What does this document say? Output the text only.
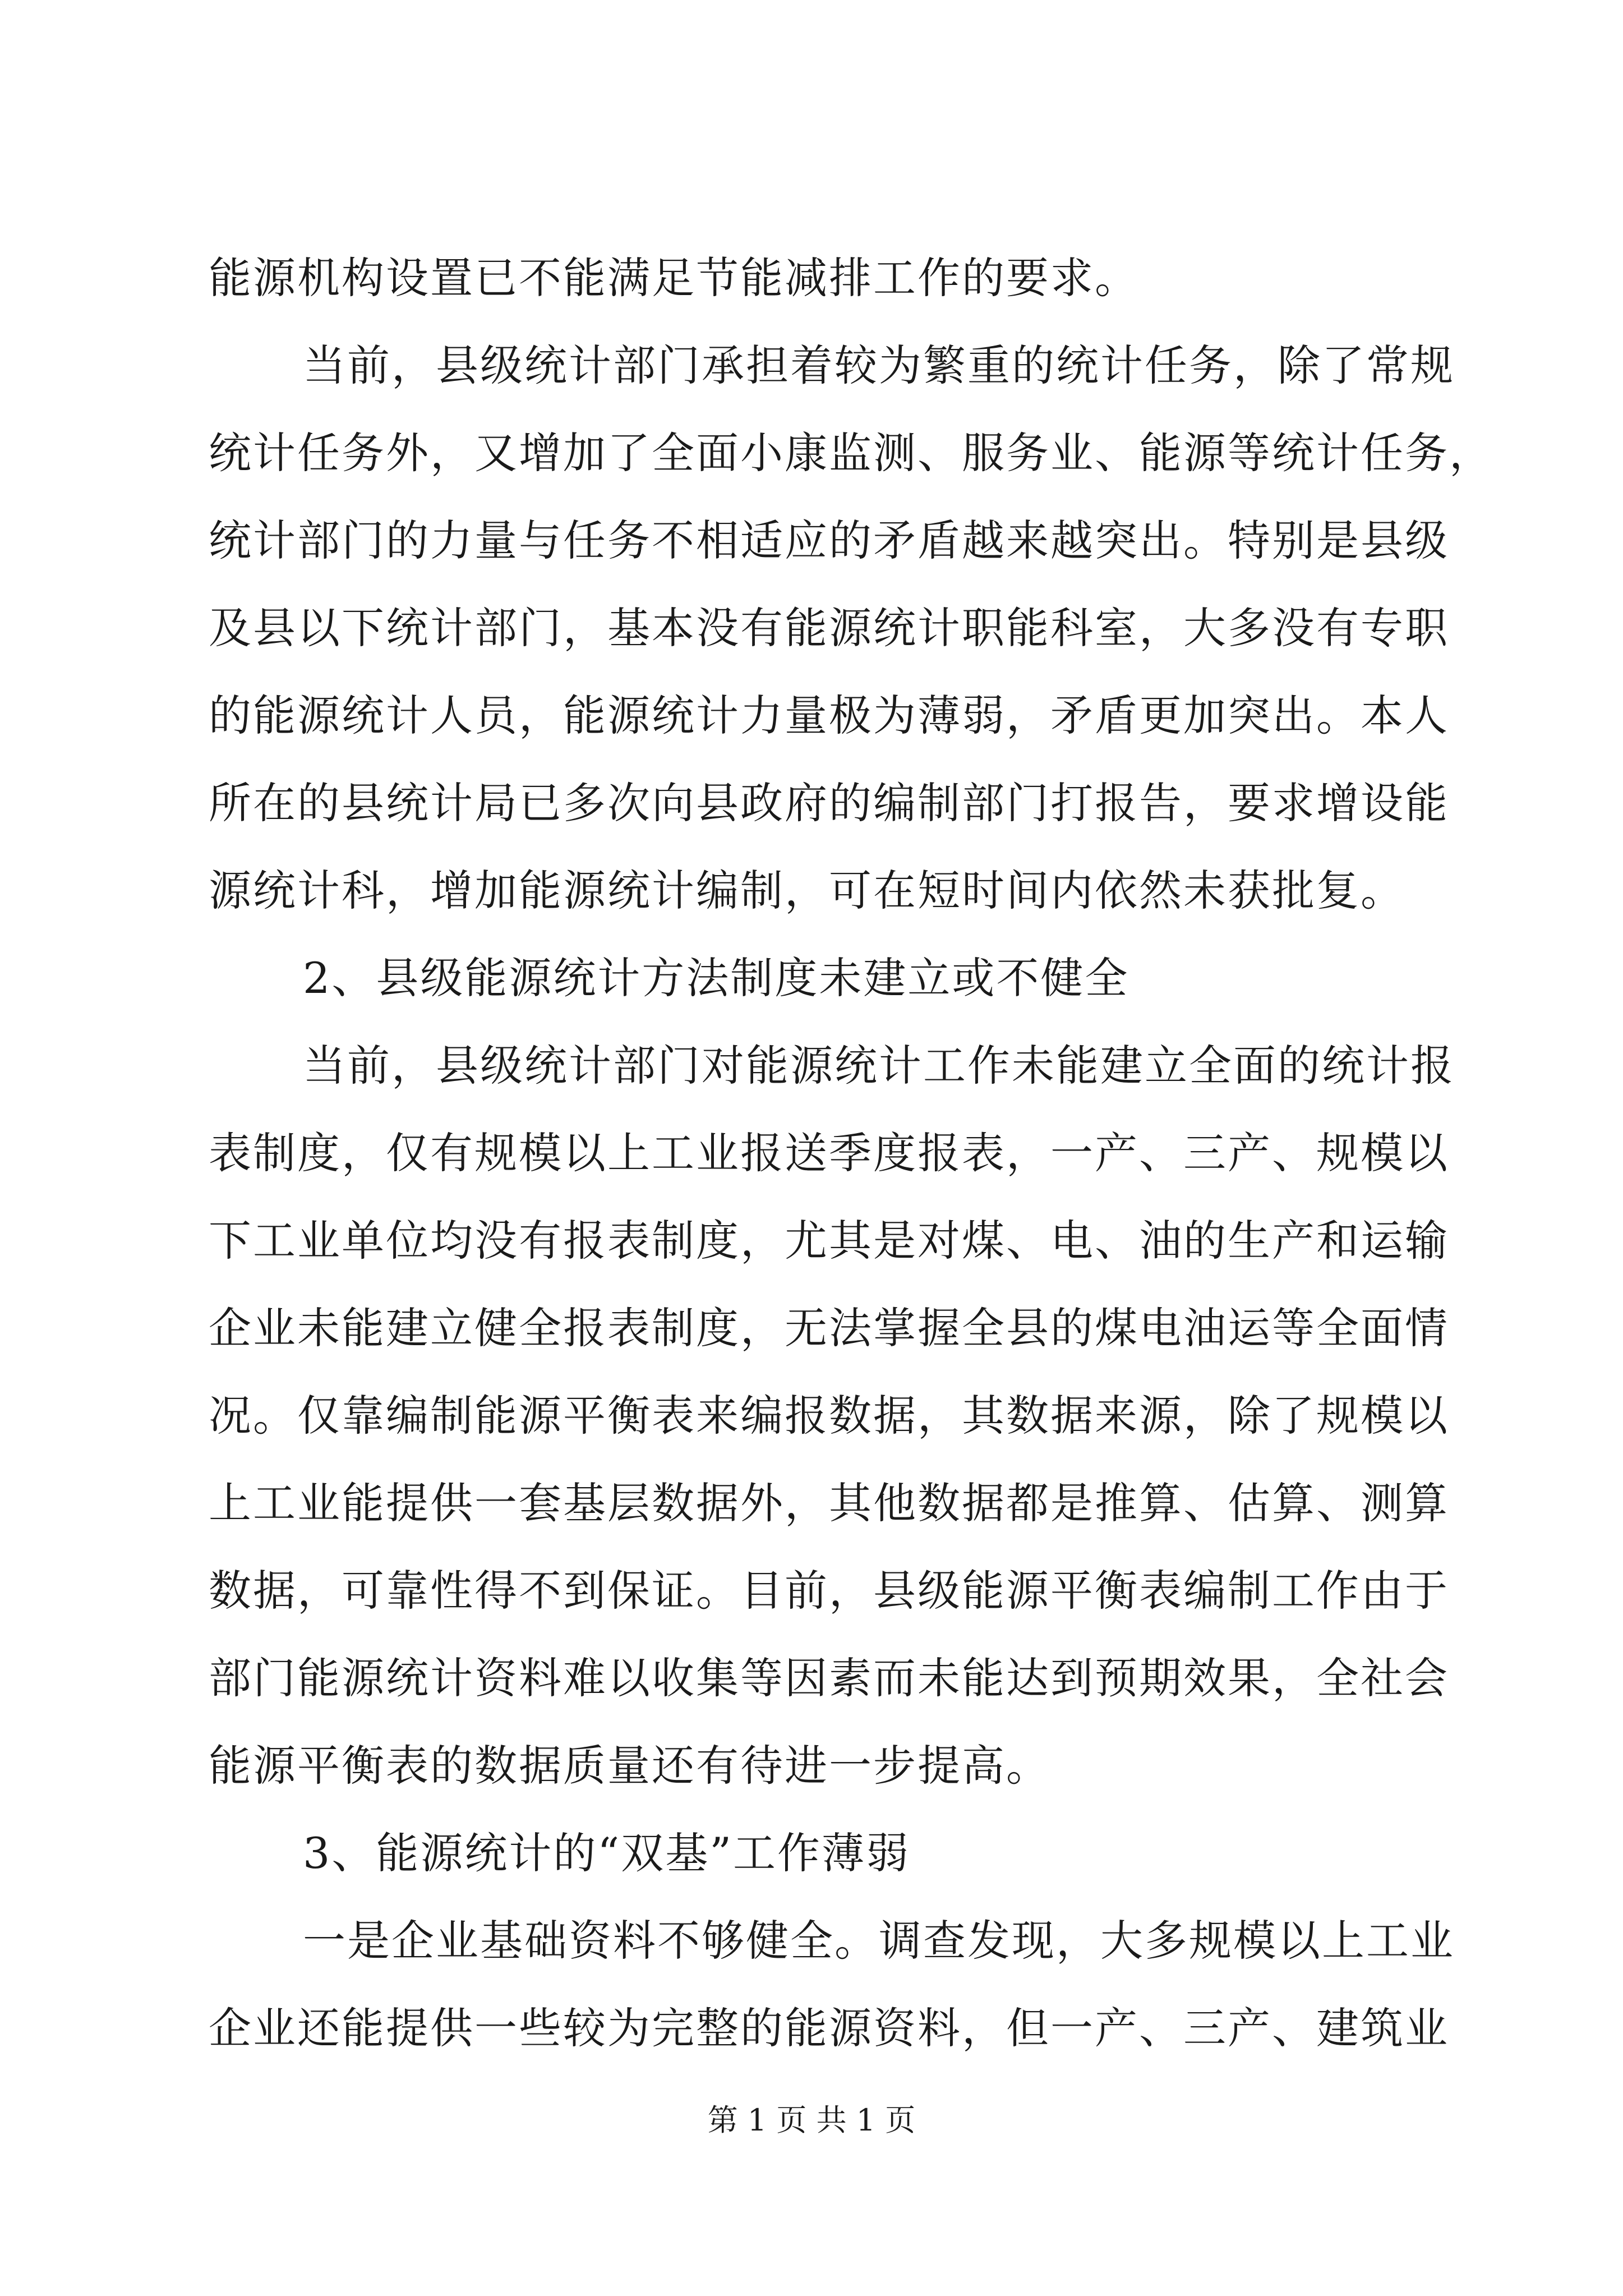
能源机构设置已不能满足节能减排工作的要求。
当前，县级统计部门承担着较为繁重的统计任务，除了常规
统计任务外，又增加了全面小康监测、服务业、能源等统计任务，
统计部门的力量与任务不相适应的矛盾越来越突出。特别是县级
及县以下统计部门，基本没有能源统计职能科室，大多没有专职
的能源统计人员，能源统计力量极为薄弱，矛盾更加突出。本人
所在的县统计局已多次向县政府的编制部门打报告，要求增设能
源统计科，增加能源统计编制，可在短时间内依然未获批复。
2、县级能源统计方法制度未建立或不健全
当前，县级统计部门对能源统计工作未能建立全面的统计报
表制度，仅有规模以上工业报送季度报表，一产、三产、规模以
下工业单位均没有报表制度，尤其是对煤、电、油的生产和运输
企业未能建立健全报表制度，无法掌握全县的煤电油运等全面情
况。仅靠编制能源平衡表来编报数据，其数据来源，除了规模以
上工业能提供一套基层数据外，其他数据都是推算、估算、测算
数据，可靠性得不到保证。目前，县级能源平衡表编制工作由于
部门能源统计资料难以收集等因素而未能达到预期效果，全社会
能源平衡表的数据质量还有待进一步提高。
3、能源统计的“双基”工作薄弱
一是企业基础资料不够健全。调查发现，大多规模以上工业
企业还能提供一些较为完整的能源资料，但一产、三产、建筑业
第 1 页 共 1 页
